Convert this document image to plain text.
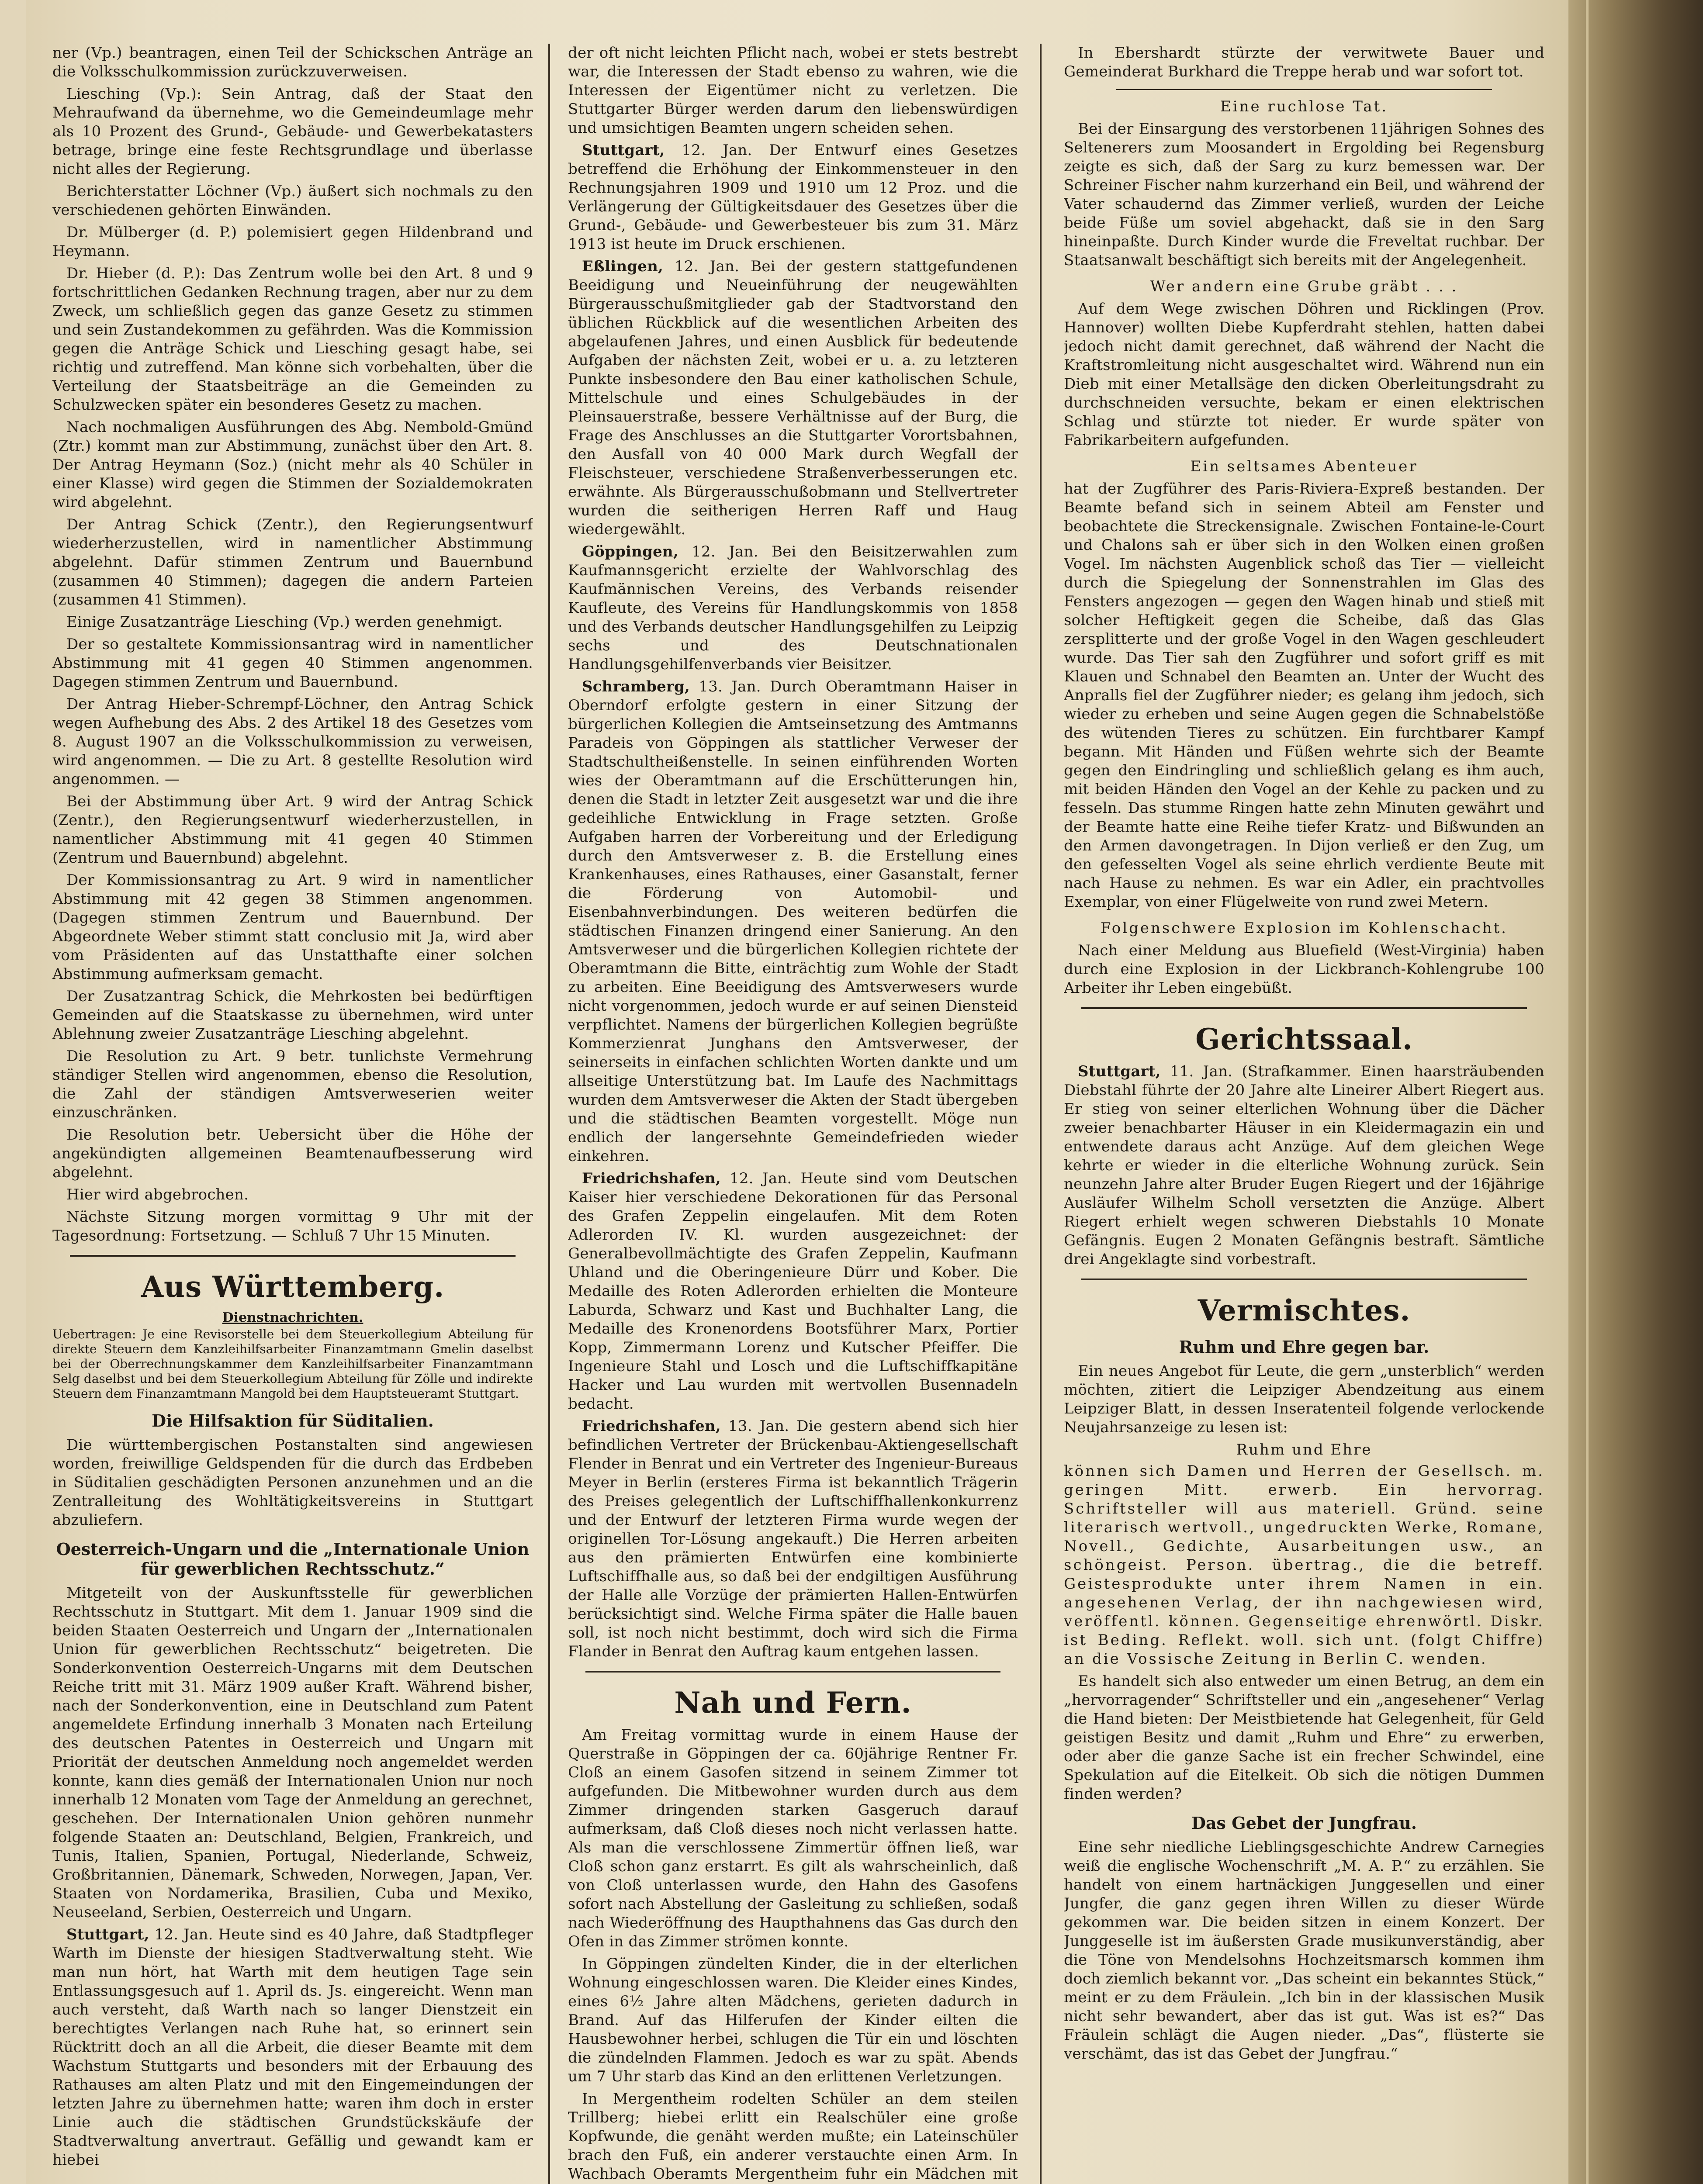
ner (Vp.) beantragen, einen Teil der Schickschen Anträge an die Volksschulkommission zurückzuverweisen.

Liesching (Vp.): Sein Antrag, daß der Staat den Mehraufwand da übernehme, wo die Gemeindeumlage mehr als 10 Prozent des Grund-, Gebäude- und Gewerbekatasters betrage, bringe eine feste Rechtsgrundlage und überlasse nicht alles der Regierung.

Berichterstatter Löchner (Vp.) äußert sich nochmals zu den verschiedenen gehörten Einwänden.

Dr. Mülberger (d. P.) polemisiert gegen Hildenbrand und Heymann.

Dr. Hieber (d. P.): Das Zentrum wolle bei den Art. 8 und 9 fortschrittlichen Gedanken Rechnung tragen, aber nur zu dem Zweck, um schließlich gegen das ganze Gesetz zu stimmen und sein Zustandekommen zu gefährden. Was die Kommission gegen die Anträge Schick und Liesching gesagt habe, sei richtig und zutreffend. Man könne sich vorbehalten, über die Verteilung der Staatsbeiträge an die Gemeinden zu Schulzwecken später ein besonderes Gesetz zu machen.

Nach nochmaligen Ausführungen des Abg. Nembold-Gmünd (Ztr.) kommt man zur Abstimmung, zunächst über den Art. 8. Der Antrag Heymann (Soz.) (nicht mehr als 40 Schüler in einer Klasse) wird gegen die Stimmen der Sozialdemokraten wird abgelehnt.

Der Antrag Schick (Zentr.), den Regierungsentwurf wiederherzustellen, wird in namentlicher Abstimmung abgelehnt. Dafür stimmen Zentrum und Bauernbund (zusammen 40 Stimmen); dagegen die andern Parteien (zusammen 41 Stimmen).

Einige Zusatzanträge Liesching (Vp.) werden genehmigt.

Der so gestaltete Kommissionsantrag wird in namentlicher Abstimmung mit 41 gegen 40 Stimmen angenommen. Dagegen stimmen Zentrum und Bauernbund.

Der Antrag Hieber-Schrempf-Löchner, den Antrag Schick wegen Aufhebung des Abs. 2 des Artikel 18 des Gesetzes vom 8. August 1907 an die Volksschulkommission zu verweisen, wird angenommen. — Die zu Art. 8 gestellte Resolution wird angenommen. —

Bei der Abstimmung über Art. 9 wird der Antrag Schick (Zentr.), den Regierungsentwurf wiederherzustellen, in namentlicher Abstimmung mit 41 gegen 40 Stimmen (Zentrum und Bauernbund) abgelehnt.

Der Kommissionsantrag zu Art. 9 wird in namentlicher Abstimmung mit 42 gegen 38 Stimmen angenommen. (Dagegen stimmen Zentrum und Bauernbund. Der Abgeordnete Weber stimmt statt conclusio mit Ja, wird aber vom Präsidenten auf das Unstatthafte einer solchen Abstimmung aufmerksam gemacht.

Der Zusatzantrag Schick, die Mehrkosten bei bedürftigen Gemeinden auf die Staatskasse zu übernehmen, wird unter Ablehnung zweier Zusatzanträge Liesching abgelehnt.

Die Resolution zu Art. 9 betr. tunlichste Vermehrung ständiger Stellen wird angenommen, ebenso die Resolution, die Zahl der ständigen Amtsverweserien weiter einzuschränken.

Die Resolution betr. Uebersicht über die Höhe der angekündigten allgemeinen Beamtenaufbesserung wird abgelehnt.

Hier wird abgebrochen.

Nächste Sitzung morgen vormittag 9 Uhr mit der Tagesordnung: Fortsetzung. — Schluß 7 Uhr 15 Minuten.

Aus Württemberg.
Dienstnachrichten.

Uebertragen: Je eine Revisorstelle bei dem Steuerkollegium Abteilung für direkte Steuern dem Kanzleihilfsarbeiter Finanzamtmann Gmelin daselbst bei der Oberrechnungskammer dem Kanzleihilfsarbeiter Finanzamtmann Selg daselbst und bei dem Steuerkollegium Abteilung für Zölle und indirekte Steuern dem Finanzamtmann Mangold bei dem Hauptsteueramt Stuttgart.

Die Hilfsaktion für Süditalien.

Die württembergischen Postanstalten sind angewiesen worden, freiwillige Geldspenden für die durch das Erdbeben in Süditalien geschädigten Personen anzunehmen und an die Zentralleitung des Wohltätigkeitsvereins in Stuttgart abzuliefern.

Oesterreich-Ungarn und die „Internationale Union für gewerblichen Rechtsschutz.“

Mitgeteilt von der Auskunftsstelle für gewerblichen Rechtsschutz in Stuttgart. Mit dem 1. Januar 1909 sind die beiden Staaten Oesterreich und Ungarn der „Internationalen Union für gewerblichen Rechtsschutz“ beigetreten. Die Sonderkonvention Oesterreich-Ungarns mit dem Deutschen Reiche tritt mit 31. März 1909 außer Kraft. Während bisher, nach der Sonderkonvention, eine in Deutschland zum Patent angemeldete Erfindung innerhalb 3 Monaten nach Erteilung des deutschen Patentes in Oesterreich und Ungarn mit Priorität der deutschen Anmeldung noch angemeldet werden konnte, kann dies gemäß der Internationalen Union nur noch innerhalb 12 Monaten vom Tage der Anmeldung an gerechnet, geschehen. Der Internationalen Union gehören nunmehr folgende Staaten an: Deutschland, Belgien, Frankreich, und Tunis, Italien, Spanien, Portugal, Niederlande, Schweiz, Großbritannien, Dänemark, Schweden, Norwegen, Japan, Ver. Staaten von Nordamerika, Brasilien, Cuba und Mexiko, Neuseeland, Serbien, Oesterreich und Ungarn.

Stuttgart, 12. Jan. Heute sind es 40 Jahre, daß Stadtpfleger Warth im Dienste der hiesigen Stadtverwaltung steht. Wie man nun hört, hat Warth mit dem heutigen Tage sein Entlassungsgesuch auf 1. April ds. Js. eingereicht. Wenn man auch versteht, daß Warth nach so langer Dienstzeit ein berechtigtes Verlangen nach Ruhe hat, so erinnert sein Rücktritt doch an all die Arbeit, die dieser Beamte mit dem Wachstum Stuttgarts und besonders mit der Erbauung des Rathauses am alten Platz und mit den Eingemeindungen der letzten Jahre zu übernehmen hatte; waren ihm doch in erster Linie auch die städtischen Grundstückskäufe der Stadtverwaltung anvertraut. Gefällig und gewandt kam er hiebei

der oft nicht leichten Pflicht nach, wobei er stets bestrebt war, die Interessen der Stadt ebenso zu wahren, wie die Interessen der Eigentümer nicht zu verletzen. Die Stuttgarter Bürger werden darum den liebenswürdigen und umsichtigen Beamten ungern scheiden sehen.

Stuttgart, 12. Jan. Der Entwurf eines Gesetzes betreffend die Erhöhung der Einkommensteuer in den Rechnungsjahren 1909 und 1910 um 12 Proz. und die Verlängerung der Gültigkeitsdauer des Gesetzes über die Grund-, Gebäude- und Gewerbesteuer bis zum 31. März 1913 ist heute im Druck erschienen.

Eßlingen, 12. Jan. Bei der gestern stattgefundenen Beeidigung und Neueinführung der neugewählten Bürgerausschußmitglieder gab der Stadtvorstand den üblichen Rückblick auf die wesentlichen Arbeiten des abgelaufenen Jahres, und einen Ausblick für bedeutende Aufgaben der nächsten Zeit, wobei er u. a. zu letzteren Punkte insbesondere den Bau einer katholischen Schule, Mittelschule und eines Schulgebäudes in der Pleinsauerstraße, bessere Verhältnisse auf der Burg, die Frage des Anschlusses an die Stuttgarter Vorortsbahnen, den Ausfall von 40 000 Mark durch Wegfall der Fleischsteuer, verschiedene Straßenverbesserungen etc. erwähnte. Als Bürgerausschußobmann und Stellvertreter wurden die seitherigen Herren Raff und Haug wiedergewählt.

Göppingen, 12. Jan. Bei den Beisitzerwahlen zum Kaufmannsgericht erzielte der Wahlvorschlag des Kaufmännischen Vereins, des Verbands reisender Kaufleute, des Vereins für Handlungskommis von 1858 und des Verbands deutscher Handlungsgehilfen zu Leipzig sechs und des Deutschnationalen Handlungsgehilfenverbands vier Beisitzer.

Schramberg, 13. Jan. Durch Oberamtmann Haiser in Oberndorf erfolgte gestern in einer Sitzung der bürgerlichen Kollegien die Amtseinsetzung des Amtmanns Paradeis von Göppingen als stattlicher Verweser der Stadtschultheißenstelle. In seinen einführenden Worten wies der Oberamtmann auf die Erschütterungen hin, denen die Stadt in letzter Zeit ausgesetzt war und die ihre gedeihliche Entwicklung in Frage setzten. Große Aufgaben harren der Vorbereitung und der Erledigung durch den Amtsverweser z. B. die Erstellung eines Krankenhauses, eines Rathauses, einer Gasanstalt, ferner die Förderung von Automobil- und Eisenbahnverbindungen. Des weiteren bedürfen die städtischen Finanzen dringend einer Sanierung. An den Amtsverweser und die bürgerlichen Kollegien richtete der Oberamtmann die Bitte, einträchtig zum Wohle der Stadt zu arbeiten. Eine Beeidigung des Amtsverwesers wurde nicht vorgenommen, jedoch wurde er auf seinen Diensteid verpflichtet. Namens der bürgerlichen Kollegien begrüßte Kommerzienrat Junghans den Amtsverweser, der seinerseits in einfachen schlichten Worten dankte und um allseitige Unterstützung bat. Im Laufe des Nachmittags wurden dem Amtsverweser die Akten der Stadt übergeben und die städtischen Beamten vorgestellt. Möge nun endlich der langersehnte Gemeindefrieden wieder einkehren.

Friedrichshafen, 12. Jan. Heute sind vom Deutschen Kaiser hier verschiedene Dekorationen für das Personal des Grafen Zeppelin eingelaufen. Mit dem Roten Adlerorden IV. Kl. wurden ausgezeichnet: der Generalbevollmächtigte des Grafen Zeppelin, Kaufmann Uhland und die Oberingenieure Dürr und Kober. Die Medaille des Roten Adlerorden erhielten die Monteure Laburda, Schwarz und Kast und Buchhalter Lang, die Medaille des Kronenordens Bootsführer Marx, Portier Kopp, Zimmermann Lorenz und Kutscher Pfeiffer. Die Ingenieure Stahl und Losch und die Luftschiffkapitäne Hacker und Lau wurden mit wertvollen Busennadeln bedacht.

Friedrichshafen, 13. Jan. Die gestern abend sich hier befindlichen Vertreter der Brückenbau-Aktiengesellschaft Flender in Benrat und ein Vertreter des Ingenieur-Bureaus Meyer in Berlin (ersteres Firma ist bekanntlich Trägerin des Preises gelegentlich der Luftschiffhallenkonkurrenz und der Entwurf der letzteren Firma wurde wegen der originellen Tor-Lösung angekauft.) Die Herren arbeiten aus den prämierten Entwürfen eine kombinierte Luftschiffhalle aus, so daß bei der endgiltigen Ausführung der Halle alle Vorzüge der prämierten Hallen-Entwürfen berücksichtigt sind. Welche Firma später die Halle bauen soll, ist noch nicht bestimmt, doch wird sich die Firma Flander in Benrat den Auftrag kaum entgehen lassen.

Nah und Fern.

Am Freitag vormittag wurde in einem Hause der Querstraße in Göppingen der ca. 60jährige Rentner Fr. Cloß an einem Gasofen sitzend in seinem Zimmer tot aufgefunden. Die Mitbewohner wurden durch aus dem Zimmer dringenden starken Gasgeruch darauf aufmerksam, daß Cloß dieses noch nicht verlassen hatte. Als man die verschlossene Zimmertür öffnen ließ, war Cloß schon ganz erstarrt. Es gilt als wahrscheinlich, daß von Cloß unterlassen wurde, den Hahn des Gasofens sofort nach Abstellung der Gasleitung zu schließen, sodaß nach Wiederöffnung des Haupthahnens das Gas durch den Ofen in das Zimmer strömen konnte.

In Göppingen zündelten Kinder, die in der elterlichen Wohnung eingeschlossen waren. Die Kleider eines Kindes, eines 6½ Jahre alten Mädchens, gerieten dadurch in Brand. Auf das Hilferufen der Kinder eilten die Hausbewohner herbei, schlugen die Tür ein und löschten die zündelnden Flammen. Jedoch es war zu spät. Abends um 7 Uhr starb das Kind an den erlittenen Verletzungen.

In Mergentheim rodelten Schüler an dem steilen Trillberg; hiebei erlitt ein Realschüler eine große Kopfwunde, die genäht werden mußte; ein Lateinschüler brach den Fuß, ein anderer verstauchte einen Arm. In Wachbach Oberamts Mergentheim fuhr ein Mädchen mit

In Ebershardt stürzte der verwitwete Bauer und Gemeinderat Burkhard die Treppe herab und war sofort tot.

Eine ruchlose Tat.

Bei der Einsargung des verstorbenen 11jährigen Sohnes des Seltenerers zum Moosandert in Ergolding bei Regensburg zeigte es sich, daß der Sarg zu kurz bemessen war. Der Schreiner Fischer nahm kurzerhand ein Beil, und während der Vater schaudernd das Zimmer verließ, wurden der Leiche beide Füße um soviel abgehackt, daß sie in den Sarg hineinpaßte. Durch Kinder wurde die Freveltat ruchbar. Der Staatsanwalt beschäftigt sich bereits mit der Angelegenheit.

Wer andern eine Grube gräbt . . .

Auf dem Wege zwischen Döhren und Ricklingen (Prov. Hannover) wollten Diebe Kupferdraht stehlen, hatten dabei jedoch nicht damit gerechnet, daß während der Nacht die Kraftstromleitung nicht ausgeschaltet wird. Während nun ein Dieb mit einer Metallsäge den dicken Oberleitungsdraht zu durchschneiden versuchte, bekam er einen elektrischen Schlag und stürzte tot nieder. Er wurde später von Fabrikarbeitern aufgefunden.

Ein seltsames Abenteuer

hat der Zugführer des Paris-Riviera-Expreß bestanden. Der Beamte befand sich in seinem Abteil am Fenster und beobachtete die Streckensignale. Zwischen Fontaine-le-Court und Chalons sah er über sich in den Wolken einen großen Vogel. Im nächsten Augenblick schoß das Tier — vielleicht durch die Spiegelung der Sonnenstrahlen im Glas des Fensters angezogen — gegen den Wagen hinab und stieß mit solcher Heftigkeit gegen die Scheibe, daß das Glas zersplitterte und der große Vogel in den Wagen geschleudert wurde. Das Tier sah den Zugführer und sofort griff es mit Klauen und Schnabel den Beamten an. Unter der Wucht des Anpralls fiel der Zugführer nieder; es gelang ihm jedoch, sich wieder zu erheben und seine Augen gegen die Schnabelstöße des wütenden Tieres zu schützen. Ein furchtbarer Kampf begann. Mit Händen und Füßen wehrte sich der Beamte gegen den Eindringling und schließlich gelang es ihm auch, mit beiden Händen den Vogel an der Kehle zu packen und zu fesseln. Das stumme Ringen hatte zehn Minuten gewährt und der Beamte hatte eine Reihe tiefer Kratz- und Bißwunden an den Armen davongetragen. In Dijon verließ er den Zug, um den gefesselten Vogel als seine ehrlich verdiente Beute mit nach Hause zu nehmen. Es war ein Adler, ein prachtvolles Exemplar, von einer Flügelweite von rund zwei Metern.

Folgenschwere Explosion im Kohlenschacht.

Nach einer Meldung aus Bluefield (West-Virginia) haben durch eine Explosion in der Lickbranch-Kohlengrube 100 Arbeiter ihr Leben eingebüßt.

Gerichtssaal.

Stuttgart, 11. Jan. (Strafkammer. Einen haarsträubenden Diebstahl führte der 20 Jahre alte Lineirer Albert Riegert aus. Er stieg von seiner elterlichen Wohnung über die Dächer zweier benachbarter Häuser in ein Kleidermagazin ein und entwendete daraus acht Anzüge. Auf dem gleichen Wege kehrte er wieder in die elterliche Wohnung zurück. Sein neunzehn Jahre alter Bruder Eugen Riegert und der 16jährige Ausläufer Wilhelm Scholl versetzten die Anzüge. Albert Riegert erhielt wegen schweren Diebstahls 10 Monate Gefängnis. Eugen 2 Monaten Gefängnis bestraft. Sämtliche drei Angeklagte sind vorbestraft.

Vermischtes.
Ruhm und Ehre gegen bar.

Ein neues Angebot für Leute, die gern „unsterblich“ werden möchten, zitiert die Leipziger Abendzeitung aus einem Leipziger Blatt, in dessen Inseratenteil folgende verlockende Neujahrsanzeige zu lesen ist:

Ruhm und Ehre

können sich Damen und Herren der Gesellsch. m. geringen Mitt. erwerb. Ein hervorrag. Schriftsteller will aus materiell. Gründ. seine literarisch wertvoll., ungedruckten Werke, Romane, Novell., Gedichte, Ausarbeitungen usw., an schöngeist. Person. übertrag., die die betreff. Geistesprodukte unter ihrem Namen in ein. angesehenen Verlag, der ihn nachgewiesen wird, veröffentl. können. Gegenseitige ehrenwörtl. Diskr. ist Beding. Reflekt. woll. sich unt. (folgt Chiffre) an die Vossische Zeitung in Berlin C. wenden.

Es handelt sich also entweder um einen Betrug, an dem ein „hervorragender“ Schriftsteller und ein „angesehener“ Verlag die Hand bieten: Der Meistbietende hat Gelegenheit, für Geld geistigen Besitz und damit „Ruhm und Ehre“ zu erwerben, oder aber die ganze Sache ist ein frecher Schwindel, eine Spekulation auf die Eitelkeit. Ob sich die nötigen Dummen finden werden?

Das Gebet der Jungfrau.

Eine sehr niedliche Lieblingsgeschichte Andrew Carnegies weiß die englische Wochenschrift „M. A. P.“ zu erzählen. Sie handelt von einem hartnäckigen Junggesellen und einer Jungfer, die ganz gegen ihren Willen zu dieser Würde gekommen war. Die beiden sitzen in einem Konzert. Der Junggeselle ist im äußersten Grade musikunverständig, aber die Töne von Mendelsohns Hochzeitsmarsch kommen ihm doch ziemlich bekannt vor. „Das scheint ein bekanntes Stück,“ meint er zu dem Fräulein. „Ich bin in der klassischen Musik nicht sehr bewandert, aber das ist gut. Was ist es?“ Das Fräulein schlägt die Augen nieder. „Das“, flüsterte sie verschämt, das ist das Gebet der Jungfrau.“
